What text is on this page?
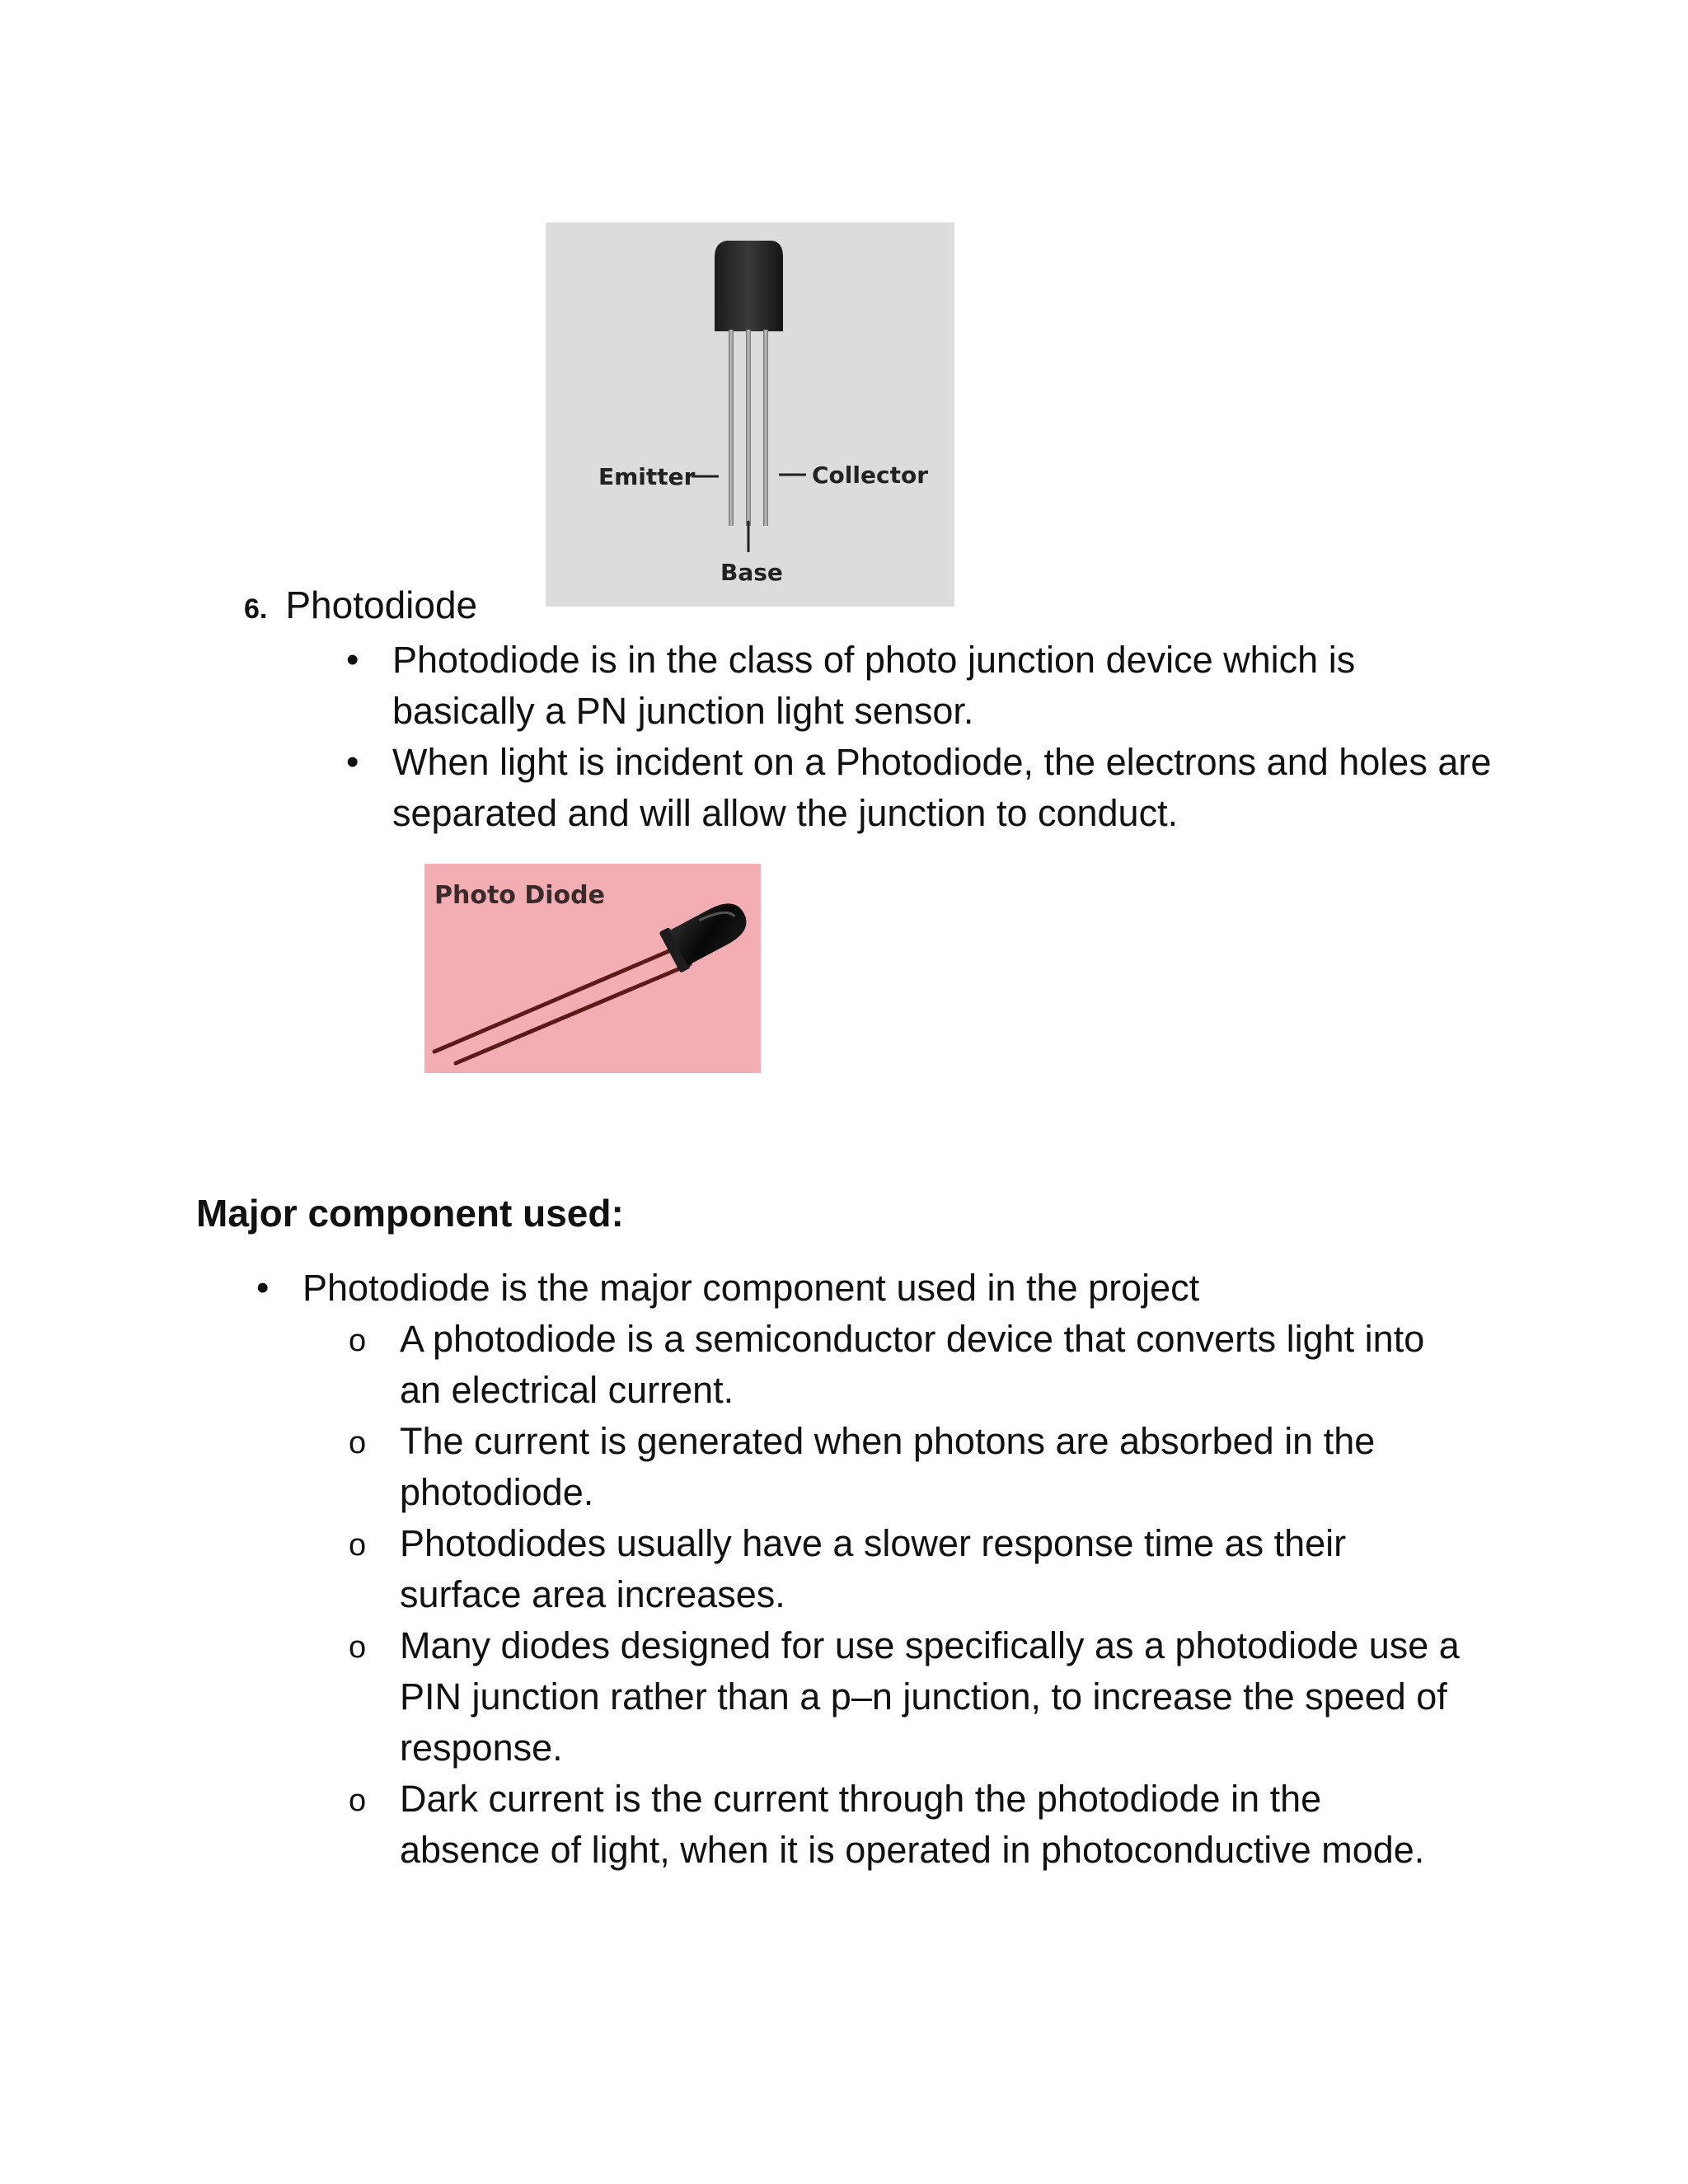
Emitter	Collector
Base
6. Photodiode
• Photodiode is in the class of photo junction device which is basically a PN junction light sensor.
• When light is incident on a Photodiode, the electrons and holes are separated and will allow the junction to conduct.
Photo Diode
Major component used:
• Photodiode is the major component used in the project
o A photodiode is a semiconductor device that converts light into an electrical current.
o The current is generated when photons are absorbed in the photodiode.
o Photodiodes usually have a slower response time as their surface area increases.
o Many diodes designed for use specifically as a photodiode use a PIN junction rather than a p–n junction, to increase the speed of response.
o Dark current is the current through the photodiode in the absence of light, when it is operated in photoconductive mode.
